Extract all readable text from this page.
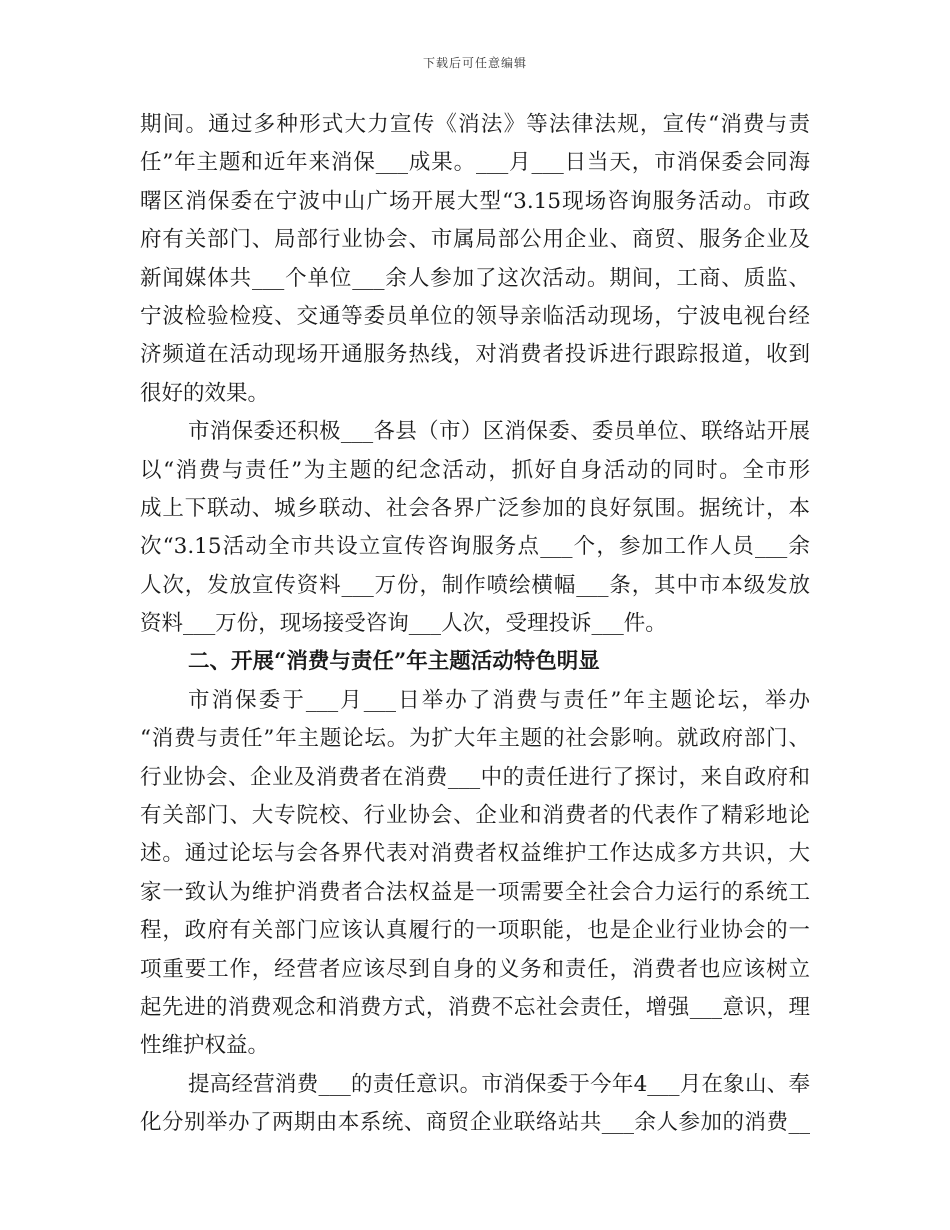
下载后可任意编辑
期间。通过多种形式大力宣传《消法》等法律法规，宣传“消费与责
任”年主题和近年来消保___成果。___月___日当天，市消保委会同海
曙区消保委在宁波中山广场开展大型“3.15现场咨询服务活动。市政
府有关部门、局部行业协会、市属局部公用企业、商贸、服务企业及
新闻媒体共___个单位___余人参加了这次活动。期间，工商、质监、
宁波检验检疫、交通等委员单位的领导亲临活动现场，宁波电视台经
济频道在活动现场开通服务热线，对消费者投诉进行跟踪报道，收到
很好的效果。
市消保委还积极___各县（市）区消保委、委员单位、联络站开展
以“消费与责任”为主题的纪念活动，抓好自身活动的同时。全市形
成上下联动、城乡联动、社会各界广泛参加的良好氛围。据统计，本
次“3.15活动全市共设立宣传咨询服务点___个，参加工作人员___余
人次，发放宣传资料___万份，制作喷绘横幅___条，其中市本级发放
资料___万份，现场接受咨询___人次，受理投诉___件。
二、开展“消费与责任”年主题活动特色明显
市消保委于___月___日举办了消费与责任”年主题论坛，举办
“消费与责任”年主题论坛。为扩大年主题的社会影响。就政府部门、
行业协会、企业及消费者在消费___中的责任进行了探讨，来自政府和
有关部门、大专院校、行业协会、企业和消费者的代表作了精彩地论
述。通过论坛与会各界代表对消费者权益维护工作达成多方共识，大
家一致认为维护消费者合法权益是一项需要全社会合力运行的系统工
程，政府有关部门应该认真履行的一项职能，也是企业行业协会的一
项重要工作，经营者应该尽到自身的义务和责任，消费者也应该树立
起先进的消费观念和消费方式，消费不忘社会责任，增强___意识，理
性维护权益。
提高经营消费___的责任意识。市消保委于今年4___月在象山、奉
化分别举办了两期由本系统、商贸企业联络站共___余人参加的消费__
